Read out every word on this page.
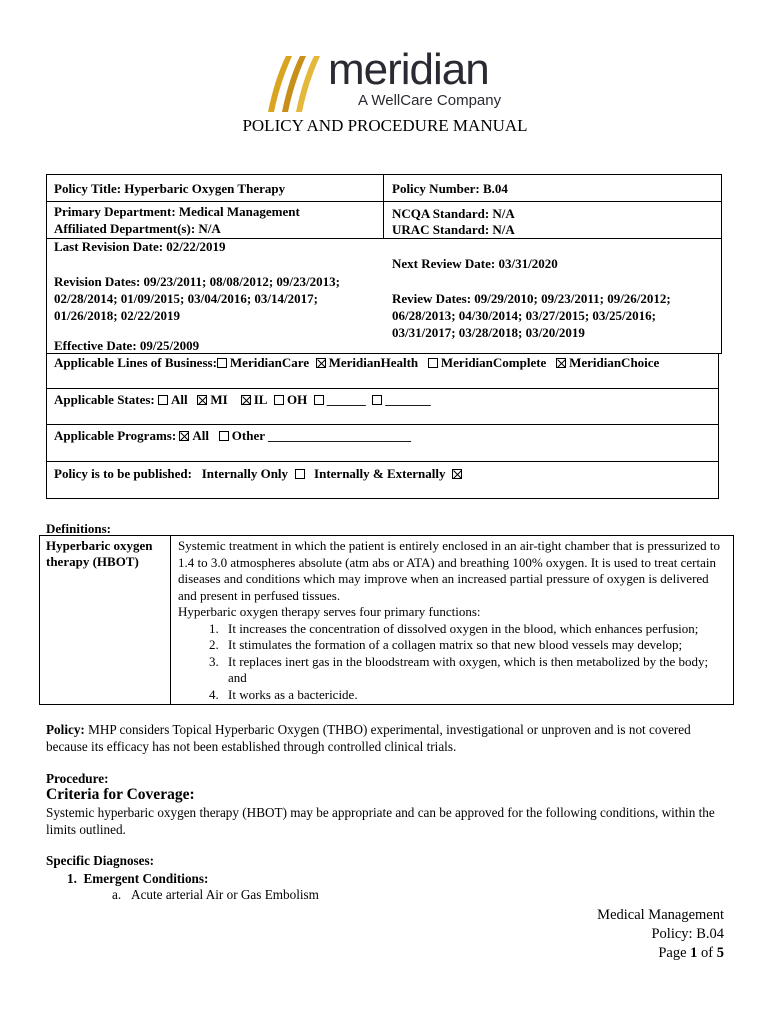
meridian
A WellCare Company
POLICY AND PROCEDURE MANUAL
Policy Title: Hyperbaric Oxygen Therapy	Policy Number: B.04
Primary Department: Medical Management
Affiliated Department(s): N/A
NCQA Standard: N/A
URAC Standard: N/A
Last Revision Date: 02/22/2019
Next Review Date: 03/31/2020
Revision Dates: 09/23/2011; 08/08/2012; 09/23/2013;
02/28/2014; 01/09/2015; 03/04/2016; 03/14/2017;
01/26/2018; 02/22/2019
Review Dates: 09/29/2010; 09/23/2011; 09/26/2012;
06/28/2013; 04/30/2014; 03/27/2015; 03/25/2016;
03/31/2017; 03/28/2018; 03/20/2019
Effective Date: 09/25/2009
Applicable Lines of Business: MeridianCare MeridianHealth MeridianComplete MeridianChoice
Applicable States: All MI IL OH ______ _______
Applicable Programs: All Other ______________________
Policy is to be published: Internally Only Internally & Externally
Definitions:
Hyperbaric oxygen
therapy (HBOT)
Systemic treatment in which the patient is entirely enclosed in an air-tight chamber that is pressurized to 1.4 to 3.0 atmospheres absolute (atm abs or ATA) and breathing 100% oxygen. It is used to treat certain diseases and conditions which may improve when an increased partial pressure of oxygen is delivered and present in perfused tissues.
Hyperbaric oxygen therapy serves four primary functions:
1. It increases the concentration of dissolved oxygen in the blood, which enhances perfusion;
2. It stimulates the formation of a collagen matrix so that new blood vessels may develop;
3. It replaces inert gas in the bloodstream with oxygen, which is then metabolized by the body; and
4. It works as a bactericide.
Policy: MHP considers Topical Hyperbaric Oxygen (THBO) experimental, investigational or unproven and is not covered because its efficacy has not been established through controlled clinical trials.
Procedure:
Criteria for Coverage:
Systemic hyperbaric oxygen therapy (HBOT) may be appropriate and can be approved for the following conditions, within the limits outlined.
Specific Diagnoses:
1. Emergent Conditions:
a. Acute arterial Air or Gas Embolism
Medical Management
Policy: B.04
Page 1 of 5
